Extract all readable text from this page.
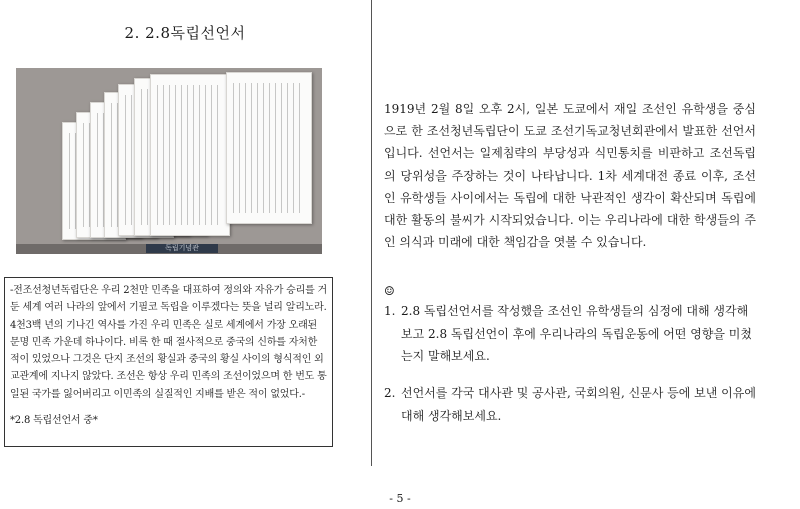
2. 2.8독립선언서
독립기념관
-전조선청년독립단은 우리 2천만 민족을 대표하여 정의와 자유가 승리를 거둔 세계 여러 나라의 앞에서 기필코 독립을 이루겠다는 뜻을 널리 알리노라. 4천3백 년의 기나긴 역사를 가진 우리 민족은 실로 세계에서 가장 오래된 문명 민족 가운데 하나이다. 비록 한 때 절사적으로 중국의 신하를 자처한 적이 있었으나 그것은 단지 조선의 황실과 중국의 황실 사이의 형식적인 외교관계에 지나지 않았다. 조선은 항상 우리 민족의 조선이었으며 한 번도 통일된 국가를 잃어버리고 이민족의 실질적인 지배를 받은 적이 없었다.-
*2.8 독립선언서 중*
1919년 2월 8일 오후 2시, 일본 도쿄에서 재일 조선인 유학생을 중심으로 한 조선청년독립단이 도쿄 조선기독교청년회관에서 발표한 선언서입니다. 선언서는 일제침략의 부당성과 식민통치를 비판하고 조선독립의 당위성을 주장하는 것이 나타납니다. 1차 세계대전 종료 이후, 조선인 유학생들 사이에서는 독립에 대한 낙관적인 생각이 확산되며 독립에 대한 활동의 불씨가 시작되었습니다. 이는 우리나라에 대한 학생들의 주인 의식과 미래에 대한 책임감을 엿볼 수 있습니다.
☺
1. 2.8 독립선언서를 작성했을 조선인 유학생들의 심정에 대해 생각해보고 2.8 독립선언이 후에 우리나라의 독립운동에 어떤 영향을 미쳤는지 말해보세요.
2. 선언서를 각국 대사관 및 공사관, 국회의원, 신문사 등에 보낸 이유에 대해 생각해보세요.
- 5 -
